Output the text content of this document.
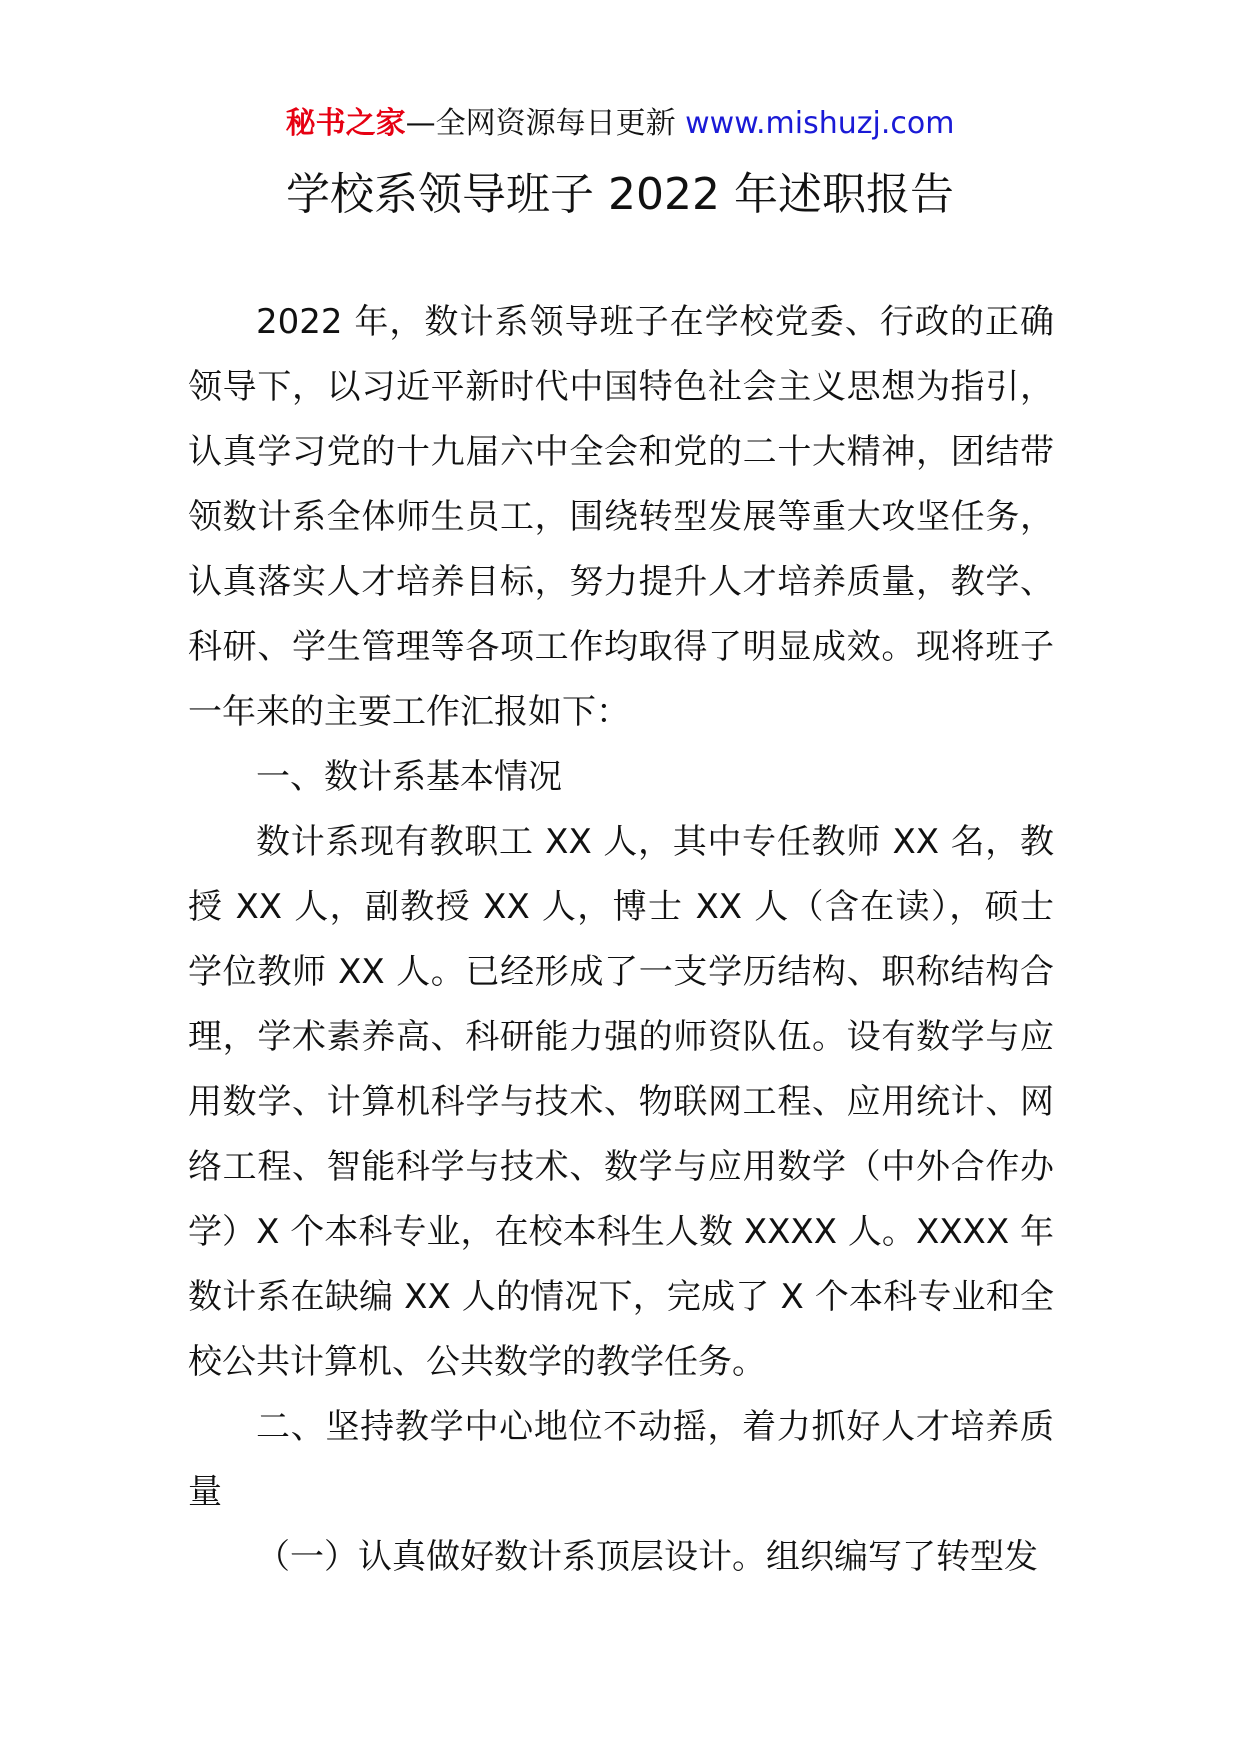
秘书之家—全网资源每日更新 www.mishuzj.com
学校系领导班子 2022 年述职报告

2022 年，数计系领导班子在学校党委、行政的正确领导下，以习近平新时代中国特色社会主义思想为指引，认真学习党的十九届六中全会和党的二十大精神，团结带领数计系全体师生员工，围绕转型发展等重大攻坚任务，认真落实人才培养目标，努力提升人才培养质量，教学、科研、学生管理等各项工作均取得了明显成效。现将班子一年来的主要工作汇报如下：

一、数计系基本情况

数计系现有教职工 XX 人，其中专任教师 XX 名，教授 XX 人，副教授 XX 人，博士 XX 人（含在读），硕士学位教师 XX 人。已经形成了一支学历结构、职称结构合理，学术素养高、科研能力强的师资队伍。设有数学与应用数学、计算机科学与技术、物联网工程、应用统计、网络工程、智能科学与技术、数学与应用数学（中外合作办学）X 个本科专业，在校本科生人数 XXXX 人。XXXX 年数计系在缺编 XX 人的情况下，完成了 X 个本科专业和全校公共计算机、公共数学的教学任务。

二、坚持教学中心地位不动摇，着力抓好人才培养质量

（一）认真做好数计系顶层设计。组织编写了转型发
